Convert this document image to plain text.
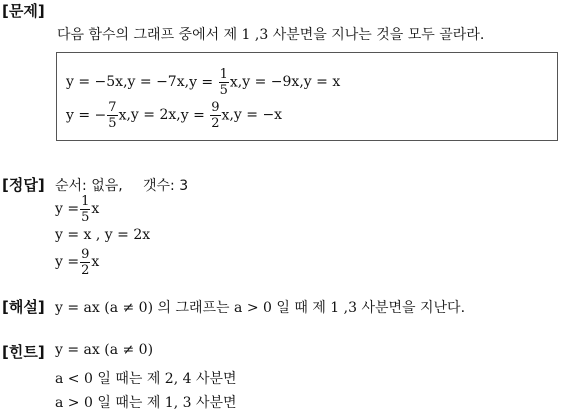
[문제]
다음 함수의 그래프 중에서 제 1 ,3 사분면을 지나는 것을 모두 골라라.
y = −5x , y = −7x , $y = \frac{1}{5}$ x , y = −9x , y = x
y = − $\frac{7}{5}$ x , y = 2x , $y = \frac{9}{2}$ x , y = −x
[정답] 순서: 없음, 갯수: 3
$y = \frac{1}{5}$ x
y = x , y = 2x
$y = \frac{9}{2}$ x
[해설] y = ax (a ≠ 0) 의 그래프는 a > 0 일 때 제 1 ,3 사분면을 지난다.
[힌트] y = ax (a ≠ 0)
a < 0 일 때는 제 2, 4 사분면
a > 0 일 때는 제 1, 3 사분면
